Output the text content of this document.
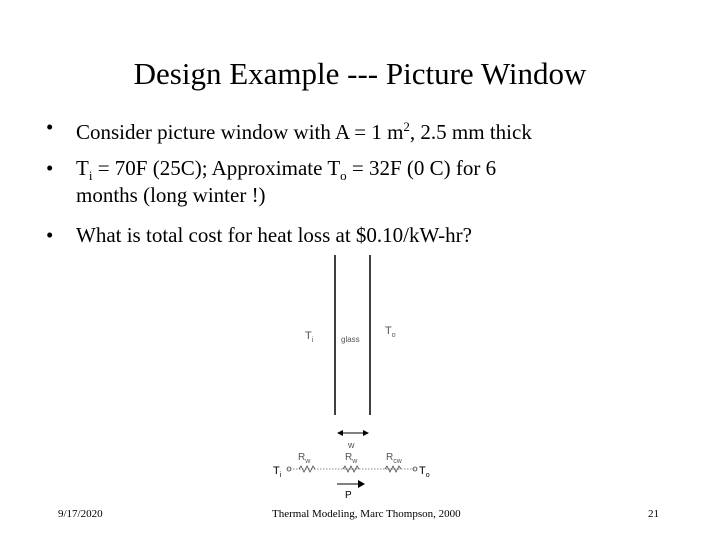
Design Example --- Picture Window
• Consider picture window with A = 1 $m^2$, 2.5 mm thick
• $T_i = 70F$ (25C); Approximate $T_o = 32F$ (0 C) for 6
months (long winter !)
• What is total cost for heat loss at $0.10/kW-hr?
$T_i$	glass
$T_o$
w
$R_w$	$R_w$	$R_{cw}$
$T_i$	$T_o$
P
9/17/2020	Thermal Modeling, Marc Thompson, 2000	21
